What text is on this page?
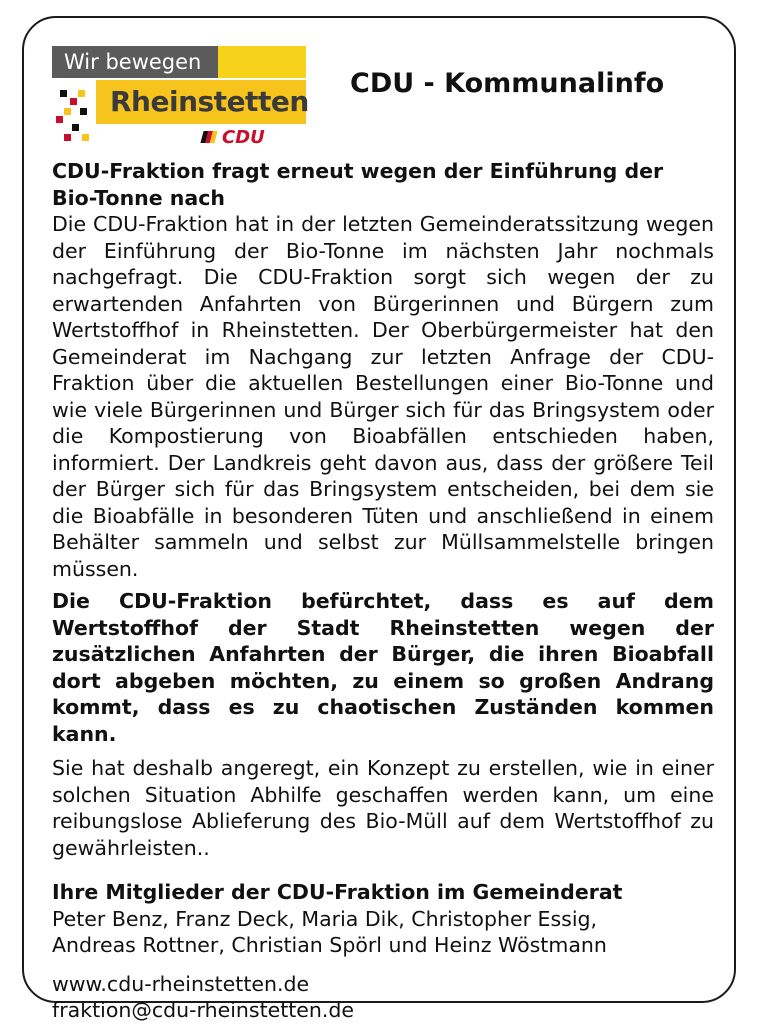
Wir bewegen
Rheinstetten
CDU
CDU - Kommunalinfo

CDU-Fraktion fragt erneut wegen der Einführung der Bio-Tonne nach

Die CDU-Fraktion hat in der letzten Gemeinderatssitzung wegen der Einführung der Bio-Tonne im nächsten Jahr nochmals nachgefragt. Die CDU-Fraktion sorgt sich wegen der zu erwartenden Anfahrten von Bürgerinnen und Bürgern zum Wertstoffhof in Rheinstetten. Der Oberbürgermeister hat den Gemeinderat im Nachgang zur letzten Anfrage der CDU-Fraktion über die aktuellen Bestellungen einer Bio-Tonne und wie viele Bürgerinnen und Bürger sich für das Bringsystem oder die Kompostierung von Bioabfällen entschieden haben, informiert. Der Landkreis geht davon aus, dass der größere Teil der Bürger sich für das Bringsystem entscheiden, bei dem sie die Bioabfälle in besonderen Tüten und anschließend in einem Behälter sammeln und selbst zur Müllsammelstelle bringen müssen.

Die CDU-Fraktion befürchtet, dass es auf dem Wertstoffhof der Stadt Rheinstetten wegen der zusätzlichen Anfahrten der Bürger, die ihren Bioabfall dort abgeben möchten, zu einem so großen Andrang kommt, dass es zu chaotischen Zuständen kommen kann.

Sie hat deshalb angeregt, ein Konzept zu erstellen, wie in einer solchen Situation Abhilfe geschaffen werden kann, um eine reibungslose Ablieferung des Bio-Müll auf dem Wertstoffhof zu gewährleisten..

Ihre Mitglieder der CDU-Fraktion im Gemeinderat

Peter Benz, Franz Deck, Maria Dik, Christopher Essig,

Andreas Rottner, Christian Spörl und Heinz Wöstmann

www.cdu-rheinstetten.de

fraktion@cdu-rheinstetten.de
